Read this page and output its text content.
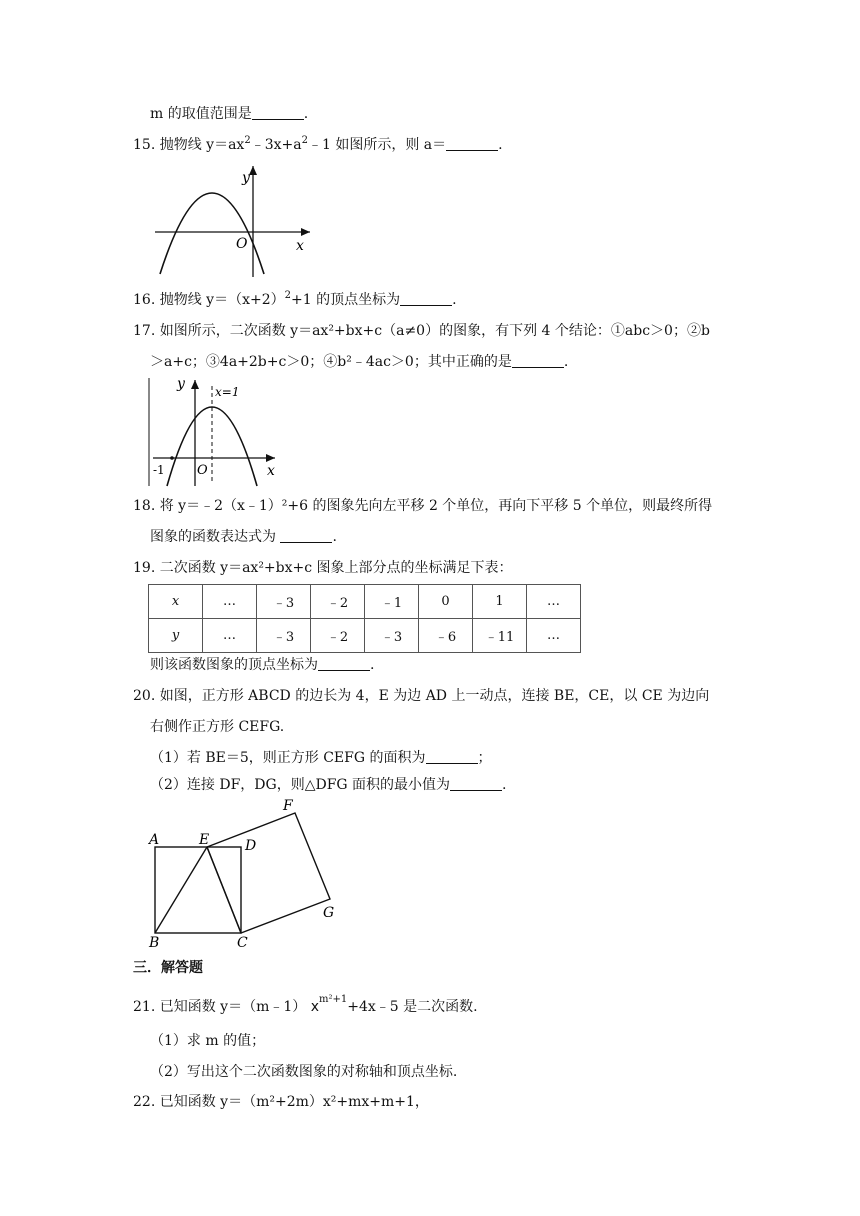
m 的取值范围是	.
15. 抛物线 $y=ax^2﹣3x+a^2﹣1$ 如图所示，则 a＝	.
y
x
O
16. 抛物线 $y=(x+2)^2+1$ 的顶点坐标为	.
17. 如图所示，二次函数 y＝ax²+bx+c（a≠0）的图象，有下列 4 个结论：①abc＞0；②b
＞a+c；③4a+2b+c＞0；④b²﹣4ac＞0；其中正确的是	.
y	x=1
x
O
-1
18. 将 y＝﹣2（x﹣1）²+6 的图象先向左平移 2 个单位，再向下平移 5 个单位，则最终所得
图象的函数表达式为	.
19. 二次函数 y＝ax²+bx+c 图象上部分点的坐标满足下表：
x	…	﹣3	﹣2	﹣1	0	1	…
y	…	﹣3	﹣2	﹣3	﹣6	﹣11	…
则该函数图象的顶点坐标为	.
20. 如图，正方形 ABCD 的边长为 4，E 为边 AD 上一动点，连接 BE，CE，以 CE 为边向
右侧作正方形 CEFG.
（1）若 BE＝5，则正方形 CEFG 的面积为	；
（2）连接 DF，DG，则△DFG 面积的最小值为	.
A	E	D
F
G
B	C
三．解答题
21. 已知函数 y＝（m﹣1） $x^{m^2+1}+4x﹣5$ 是二次函数.
（1）求 m 的值；
（2）写出这个二次函数图象的对称轴和顶点坐标.
22. 已知函数 y＝（m²+2m）x²+mx+m+1，
